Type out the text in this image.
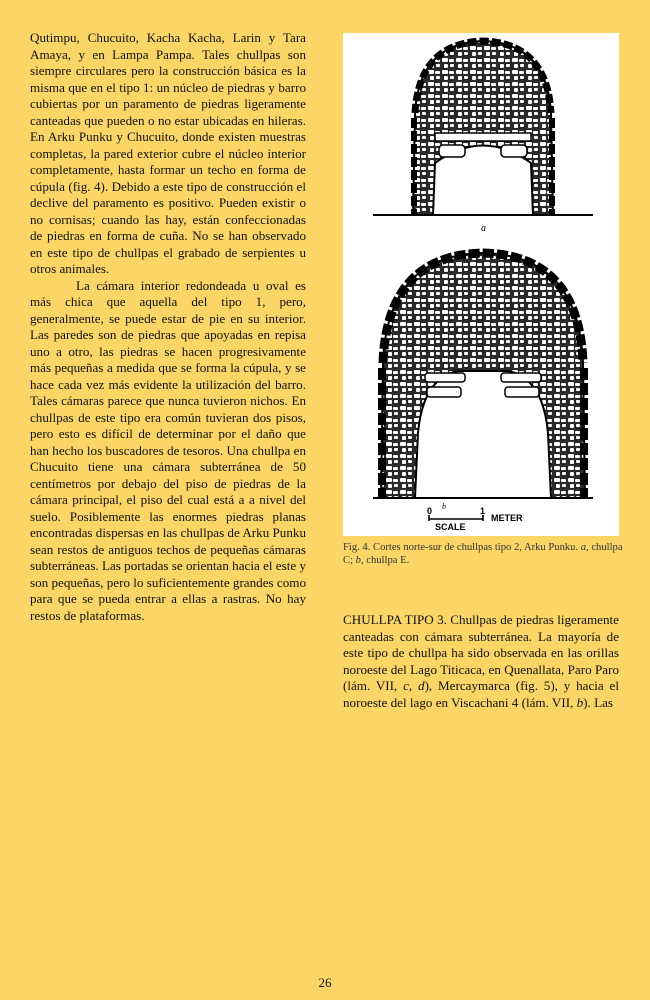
Qutimpu, Chucuito, Kacha Kacha, Larin y Tara Amaya, y en Lampa Pampa. Tales chullpas son siempre circulares pero la construcción básica es la misma que en el tipo 1: un núcleo de piedras y barro cubiertas por un paramento de piedras ligeramente canteadas que pueden o no estar ubicadas en hileras. En Arku Punku y Chucuito, donde existen muestras completas, la pared exterior cubre el núcleo interior completamente, hasta formar un techo en forma de cúpula (fig. 4). Debido a este tipo de construcción el declive del paramento es positivo. Pueden existir o no cornisas; cuando las hay, están confeccionadas de piedras en forma de cuña. No se han observado en este tipo de chullpas el grabado de serpientes u otros animales.

La cámara interior redondeada u oval es más chica que aquella del tipo 1, pero, generalmente, se puede estar de pie en su interior. Las paredes son de piedras que apoyadas en repisa uno a otro, las piedras se hacen progresivamente más pequeñas a medida que se forma la cúpula, y se hace cada vez más evidente la utilización del barro. Tales cámaras parece que nunca tuvieron nichos. En chullpas de este tipo era común tuvieran dos pisos, pero esto es difícil de determinar por el daño que han hecho los buscadores de tesoros. Una chullpa en Chucuito tiene una cámara subterránea de 50 centímetros por debajo del piso de piedras de la cámara principal, el piso del cual está a a nivel del suelo. Posiblemente las enormes piedras planas encontradas dispersas en las chullpas de Arku Punku sean restos de antiguos techos de pequeñas cámaras subterráneas. Las portadas se orientan hacia el este y son pequeñas, pero lo suficientemente grandes como para que se pueda entrar a ellas a rastras. No hay restos de plataformas.

a
b
0	1
METER
SCALE
Fig. 4. Cortes norte-sur de chullpas tipo 2, Arku Punku. a, chullpa C; b, chullpa E.

CHULLPA TIPO 3. Chullpas de piedras ligeramente canteadas con cámara subterránea. La mayoría de este tipo de chullpa ha sido observada en las orillas noroeste del Lago Titicaca, en Quenallata, Paro Paro (lám. VII, c, d), Mercaymarca (fig. 5), y hacia el noroeste del lago en Viscachani 4 (lám. VII, b). Las

26
